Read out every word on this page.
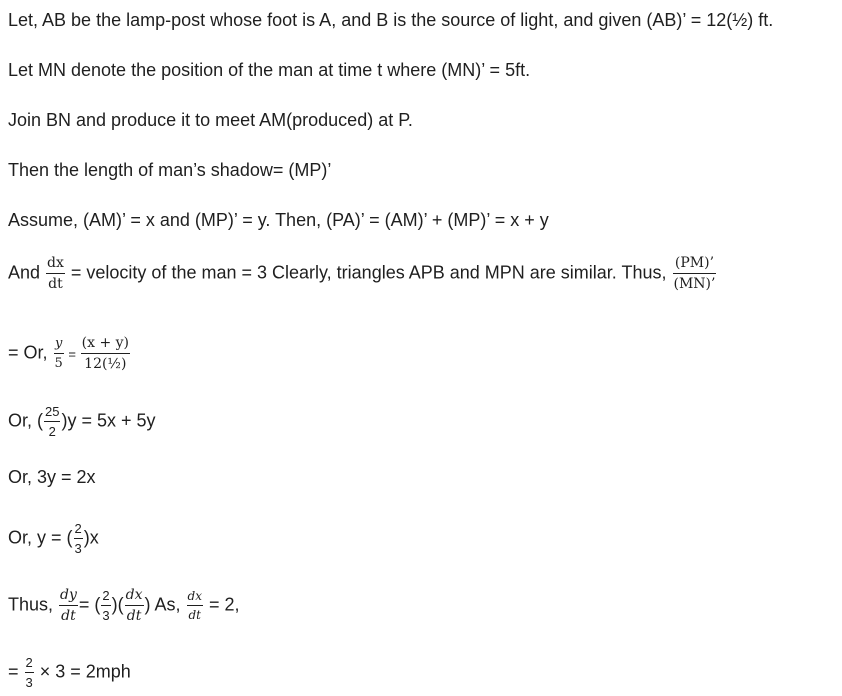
Let, AB be the lamp-post whose foot is A, and B is the source of light, and given (AB)’ = 12(½) ft.
Let MN denote the position of the man at time t where (MN)’ = 5ft.
Join BN and produce it to meet AM(produced) at P.
Then the length of man’s shadow= (MP)’
Assume, (AM)’ = x and (MP)’ = y. Then, (PA)’ = (AM)’ + (MP)’ = x + y
And $\frac{dx}{dt}$ = velocity of the man = 3 Clearly, triangles APB and MPN are similar. Thus, $\frac{(PM)’}{(MN)’}$
= Or, $\frac{y}{5} = \frac{(x + y)}{\text{12(½)}}$
Or, ( $\frac{25}{2} )y = 5x + 5y$
Or, 3y = 2x
Or, y = ( $\frac{2}{3} )x$
Thus, $\frac{dy}{dt}$ = ( $\frac{2}{3}$ )( $\frac{dx}{dt}$ ) As, $\frac{dx}{dt} = 2$,
= $\frac{2}{3} \times 3 = 2mph$
